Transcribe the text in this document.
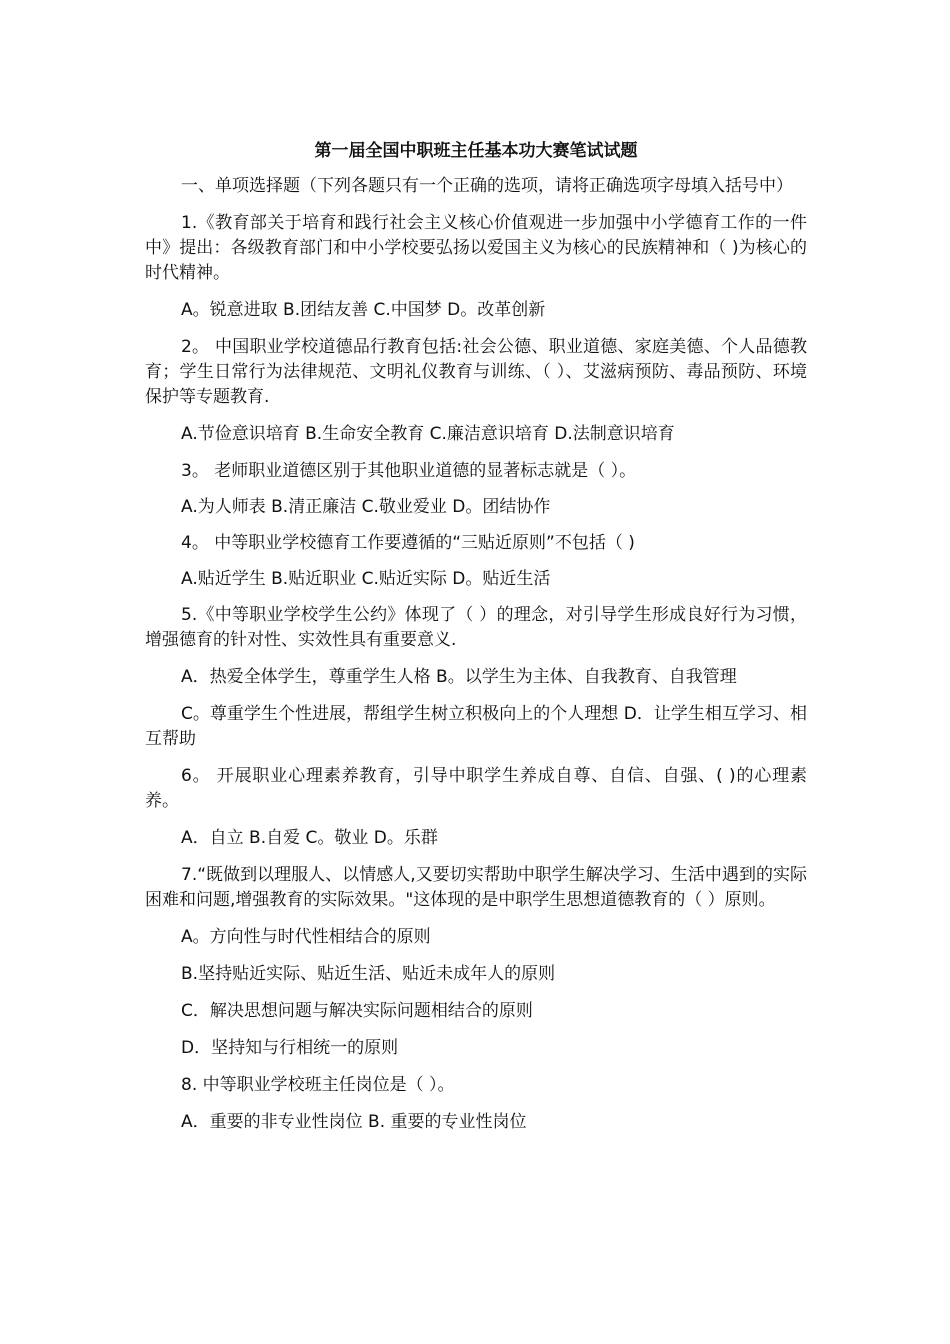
第一届全国中职班主任基本功大赛笔试试题

一、单项选择题（下列各题只有一个正确的选项，请将正确选项字母填入括号中）

1.《教育部关于培育和践行社会主义核心价值观进一步加强中小学德育工作的一件中》提出：各级教育部门和中小学校要弘扬以爱国主义为核心的民族精神和（ )为核心的时代精神。

A。锐意进取 B.团结友善 C.中国梦 D。改革创新

2。 中国职业学校道德品行教育包括:社会公德、职业道德、家庭美德、个人品德教育；学生日常行为法律规范、文明礼仪教育与训练、（ ）、艾滋病预防、毒品预防、环境保护等专题教育.

A.节俭意识培育 B.生命安全教育 C.廉洁意识培育 D.法制意识培育

3。 老师职业道德区别于其他职业道德的显著标志就是（ ）。

A.为人师表 B.清正廉洁 C.敬业爱业 D。团结协作

4。 中等职业学校德育工作要遵循的“三贴近原则”不包括（ )

A.贴近学生 B.贴近职业 C.贴近实际 D。贴近生活

5.《中等职业学校学生公约》体现了（ ）的理念，对引导学生形成良好行为习惯，增强德育的针对性、实效性具有重要意义.

A．热爱全体学生，尊重学生人格 B。以学生为主体、自我教育、自我管理

C。尊重学生个性进展，帮组学生树立积极向上的个人理想 D．让学生相互学习、相互帮助

6。 开展职业心理素养教育，引导中职学生养成自尊、自信、自强、( )的心理素养。

A．自立 B.自爱 C。敬业 D。乐群

7.“既做到以理服人、以情感人,又要切实帮助中职学生解决学习、生活中遇到的实际困难和问题,增强教育的实际效果。"这体现的是中职学生思想道德教育的（ ）原则。

A。方向性与时代性相结合的原则

B.坚持贴近实际、贴近生活、贴近未成年人的原则

C．解决思想问题与解决实际问题相结合的原则

D．坚持知与行相统一的原则

8. 中等职业学校班主任岗位是（ ）。

A．重要的非专业性岗位 B. 重要的专业性岗位
